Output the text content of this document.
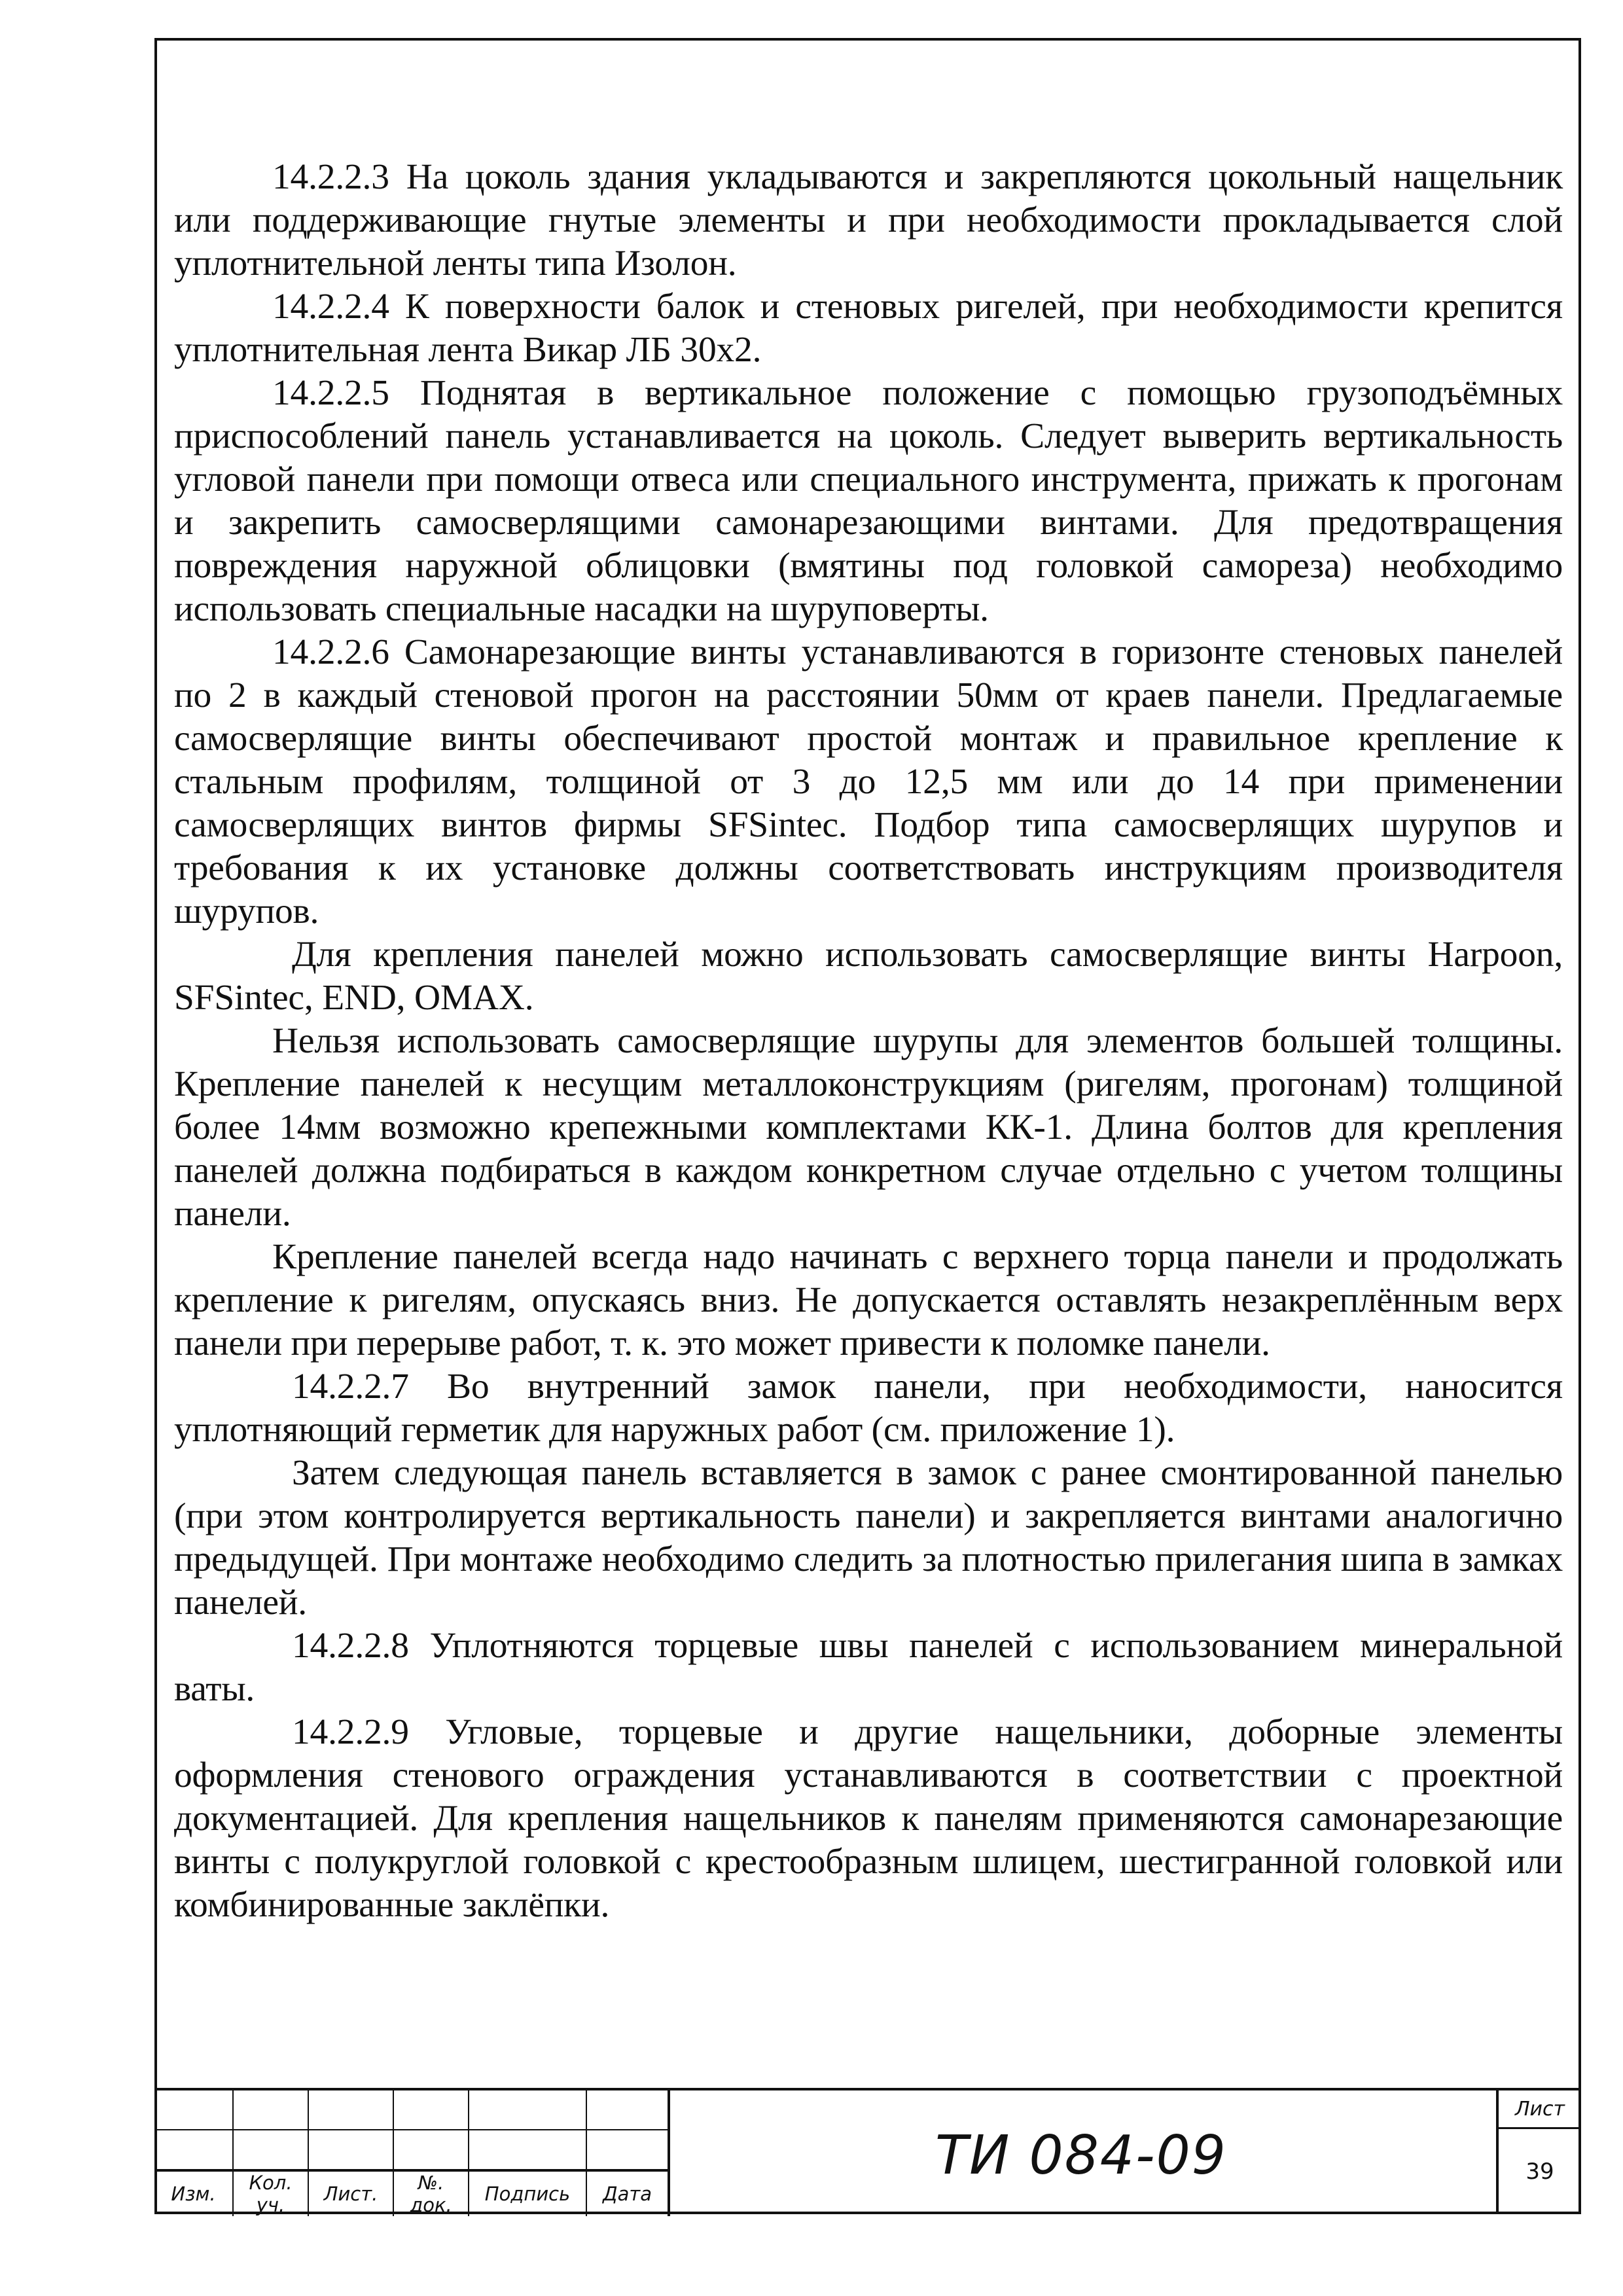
14.2.2.3 На цоколь здания укладываются и закрепляются цокольный нащельник или поддерживающие гнутые элементы и при необходимости прокладывается слой уплотнительной ленты типа Изолон.

14.2.2.4 К поверхности балок и стеновых ригелей, при необходимости крепится уплотнительная лента Викар ЛБ 30х2.

14.2.2.5 Поднятая в вертикальное положение с помощью грузоподъёмных приспособлений панель устанавливается на цоколь. Следует выверить вертикальность угловой панели при помощи отвеса или специального инструмента, прижать к прогонам и закрепить самосверлящими самонарезающими винтами. Для предотвращения повреждения наружной облицовки (вмятины под головкой самореза) необходимо использовать специальные насадки на шуруповерты.

14.2.2.6 Самонарезающие винты устанавливаются в горизонте стеновых панелей по 2 в каждый стеновой прогон на расстоянии 50мм от краев панели. Предлагаемые самосверлящие винты обеспечивают простой монтаж и правильное крепление к стальным профилям, толщиной от 3 до 12,5 мм или до 14 при применении самосверлящих винтов фирмы SFSintec. Подбор типа самосверлящих шурупов и требования к их установке должны соответствовать инструкциям производителя шурупов.

Для крепления панелей можно использовать самосверлящие винты Harpoon, SFSintec, END, OMAX.

Нельзя использовать самосверлящие шурупы для элементов большей толщины. Крепление панелей к несущим металлоконструкциям (ригелям, прогонам) толщиной более 14мм возможно крепежными комплектами КК-1. Длина болтов для крепления панелей должна подбираться в каждом конкретном случае отдельно с учетом толщины панели.

Крепление панелей всегда надо начинать с верхнего торца панели и продолжать крепление к ригелям, опускаясь вниз. Не допускается оставлять незакреплённым верх панели при перерыве работ, т. к. это может привести к поломке панели.

14.2.2.7 Во внутренний замок панели, при необходимости, наносится уплотняющий герметик для наружных работ (см. приложение 1).

Затем следующая панель вставляется в замок с ранее смонтированной панелью (при этом контролируется вертикальность панели) и закрепляется винтами аналогично предыдущей. При монтаже необходимо следить за плотностью прилегания шипа в замках панелей.

14.2.2.8 Уплотняются торцевые швы панелей с использованием минеральной ваты.

14.2.2.9 Угловые, торцевые и другие нащельники, доборные элементы оформления стенового ограждения устанавливаются в соответствии с проектной документацией. Для крепления нащельников к панелям применяются самонарезающие винты с полукруглой головкой с крестообразным шлицем, шестигранной головкой или комбинированные заклёпки.

Изм.	Кол. уч.	Лист.	№. док.	Подпись	Дата
ТИ 084-09
Лист
39
